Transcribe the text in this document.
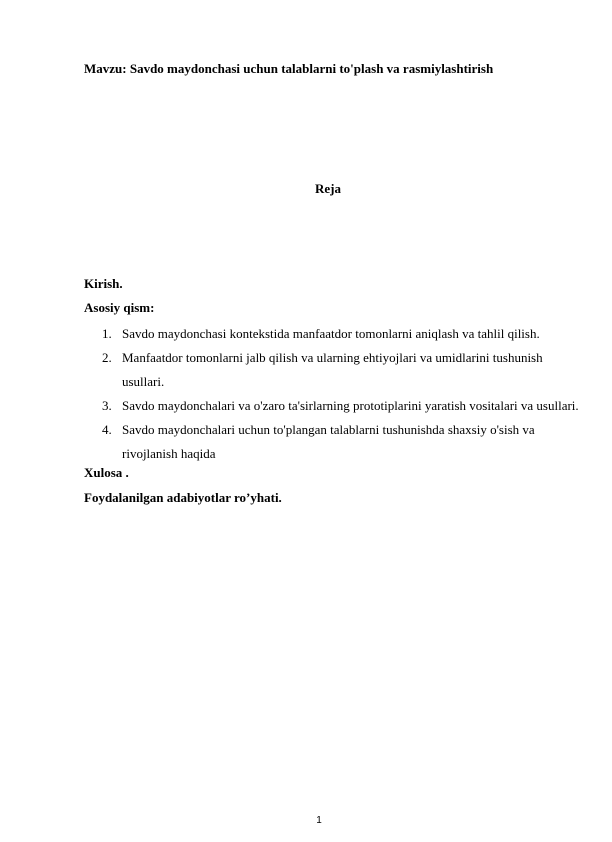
Mavzu: Savdo maydonchasi uchun talablarni to'plash va rasmiylashtirish
Reja
Kirish.
Asosiy qism:
1. Savdo maydonchasi kontekstida manfaatdor tomonlarni aniqlash va tahlil qilish.
2. Manfaatdor tomonlarni jalb qilish va ularning ehtiyojlari va umidlarini tushunish usullari.
3. Savdo maydonchalari va o'zaro ta'sirlarning prototiplarini yaratish vositalari va usullari.
4. Savdo maydonchalari uchun to'plangan talablarni tushunishda shaxsiy o'sish va rivojlanish haqida
Xulosa .
Foydalanilgan adabiyotlar ro’yhati.
1
